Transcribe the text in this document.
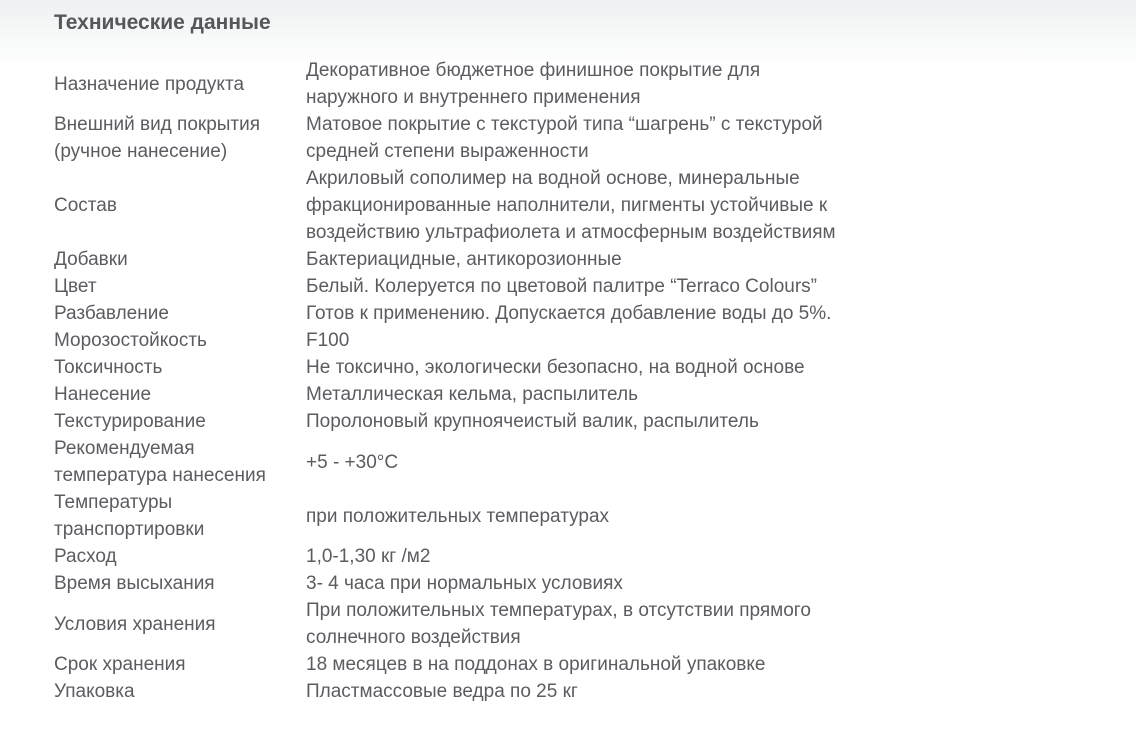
Технические данные
Назначение продукта	Декоративное бюджетное финишное покрытие для
наружного и внутреннего применения
Внешний вид покрытия
(ручное нанесение)	Матовое покрытие с текстурой типа “шагрень” с текстурой
средней степени выраженности
Состав	Акриловый сополимер на водной основе, минеральные
фракционированные наполнители, пигменты устойчивые к
воздействию ультрафиолета и атмосферным воздействиям
Добавки	Бактериацидные, антикорозионные
Цвет	Белый. Колеруется по цветовой палитре “Terraco Colours”
Разбавление	Готов к применению. Допускается добавление воды до 5%.
Морозостойкость	F100
Токсичность	Не токсично, экологически безопасно, на водной основе
Нанесение	Металлическая кельма, распылитель
Текстурирование	Поролоновый крупноячеистый валик, распылитель
Рекомендуемая
температура нанесения	+5 - +30°C
Температуры
транспортировки	при положительных температурах
Расход	1,0-1,30 кг /м2
Время высыхания	3- 4 часа при нормальных условиях
Условия хранения	При положительных температурах, в отсутствии прямого
солнечного воздействия
Срок хранения	18 месяцев в на поддонах в оригинальной упаковке
Упаковка	Пластмассовые ведра по 25 кг
